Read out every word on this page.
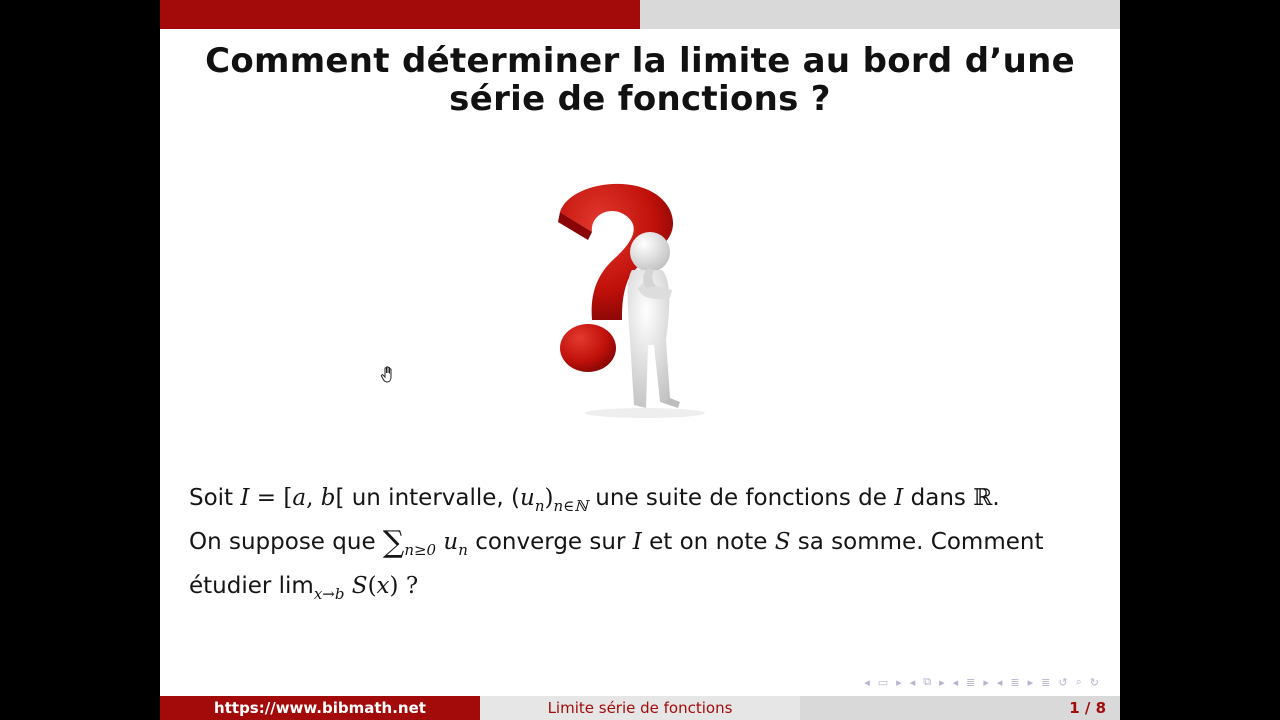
Comment déterminer la limite au bord d’une
série de fonctions ?
Soit I = [a, b[ un intervalle, $(u_n)_{n\in ℕ}$ une suite de fonctions de I dans ℝ.
On suppose que $\sum_{n\ge 0}$ $u_n$ converge sur I et on note S sa somme. Comment
étudier $\lim_{x\to b} S(x)$ ?
◂ ▭ ▸ ◂ ⧉ ▸ ◂ ≣ ▸ ◂ ≣ ▸ ≣ ↺ ⌕ ↻
https://www.bibmath.net	Limite série de fonctions	1 / 8
